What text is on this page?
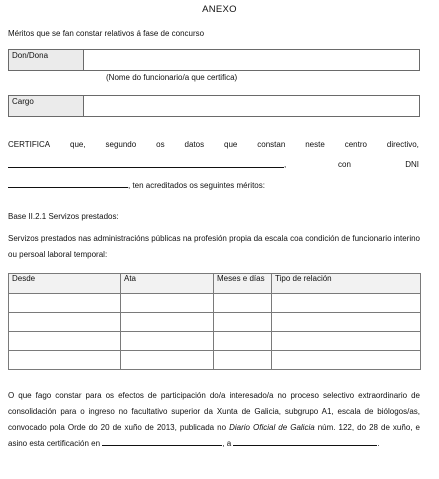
ANEXO
Méritos que se fan constar relativos á fase de concurso
Don/Dona
(Nome do funcionario/a que certifica)
Cargo
CERTIFICA que, segundo os datos que constan neste centro directivo,
,	con	DNI
, ten acreditados os seguintes méritos:
Base II.2.1 Servizos prestados:
Servizos prestados nas administracións públicas na profesión propia da escala coa condición de funcionario interino ou persoal laboral temporal:
Desde	Ata	Meses e días	Tipo de relación

O que fago constar para os efectos de participación do/a interesado/a no proceso selectivo extraordinario de consolidación para o ingreso no facultativo superior da Xunta de Galicia, subgrupo A1, escala de biólogos/as, convocado pola Orde do 20 de xuño de 2013, publicada no Diario Oficial de Galicia núm. 122, do 28 de xuño, e asino esta certificación en	, a	.
